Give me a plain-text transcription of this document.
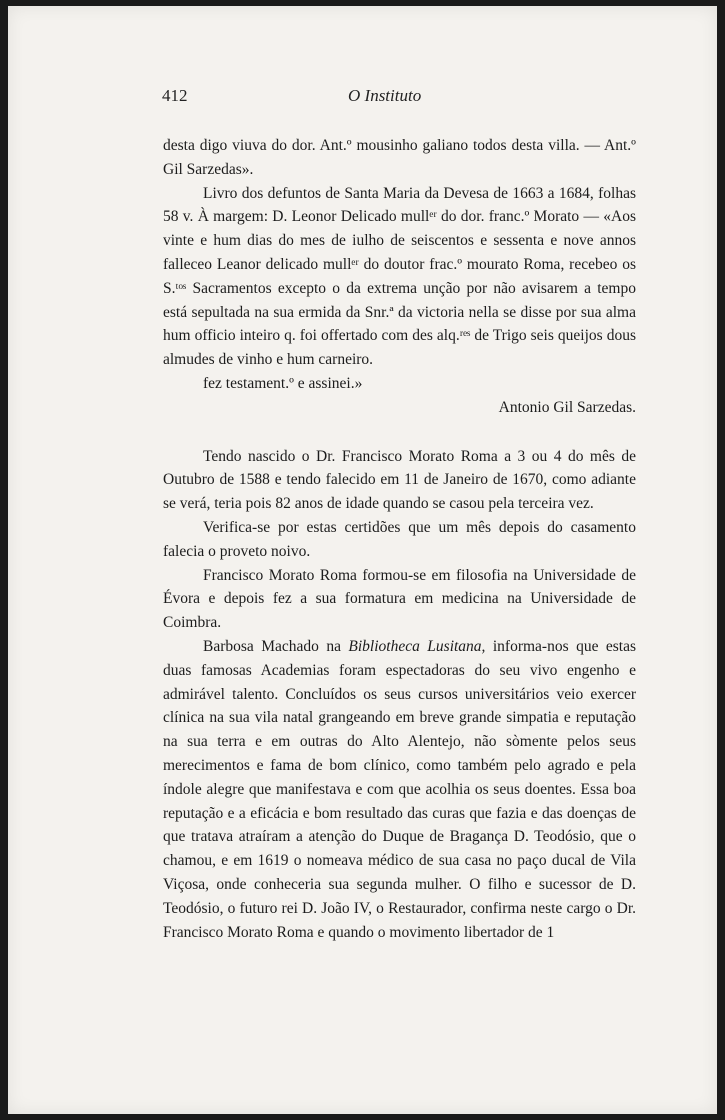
412	O Instituto

desta digo viuva do dor. Ant.º mousinho galiano todos desta villa. — Ant.º Gil Sarzedas».

Livro dos defuntos de Santa Maria da Devesa de 1663 a 1684, folhas 58 v. À margem: D. Leonor Delicado mullᵉʳ do dor. franc.º Morato — «Aos vinte e hum dias do mes de iulho de seiscentos e sessenta e nove annos falleceo Leanor delicado mullᵉʳ do doutor frac.º mourato Roma, recebeo os S.ᵗᵒˢ Sacramentos excepto o da extrema unção por não avisarem a tempo está sepultada na sua ermida da Snr.ª da victoria nella se disse por sua alma hum officio inteiro q. foi offertado com des alq.ʳᵉˢ de Trigo seis queijos dous almudes de vinho e hum carneiro.

fez testament.º e assinei.»

Antonio Gil Sarzedas.

Tendo nascido o Dr. Francisco Morato Roma a 3 ou 4 do mês de Outubro de 1588 e tendo falecido em 11 de Janeiro de 1670, como adiante se verá, teria pois 82 anos de idade quando se casou pela terceira vez.

Verifica-se por estas certidões que um mês depois do casamento falecia o proveto noivo.

Francisco Morato Roma formou-se em filosofia na Universidade de Évora e depois fez a sua formatura em medicina na Universidade de Coimbra.

Barbosa Machado na Bibliotheca Lusitana, informa-nos que estas duas famosas Academias foram espectadoras do seu vivo engenho e admirável talento. Concluídos os seus cursos universitários veio exercer clínica na sua vila natal grangeando em breve grande simpatia e reputação na sua terra e em outras do Alto Alentejo, não sòmente pelos seus merecimentos e fama de bom clínico, como também pelo agrado e pela índole alegre que manifestava e com que acolhia os seus doentes. Essa boa reputação e a eficácia e bom resultado das curas que fazia e das doenças de que tratava atraíram a atenção do Duque de Bragança D. Teodósio, que o chamou, e em 1619 o nomeava médico de sua casa no paço ducal de Vila Viçosa, onde conheceria sua segunda mulher. O filho e sucessor de D. Teodósio, o futuro rei D. João IV, o Restaurador, confirma neste cargo o Dr. Francisco Morato Roma e quando o movimento libertador de 1
